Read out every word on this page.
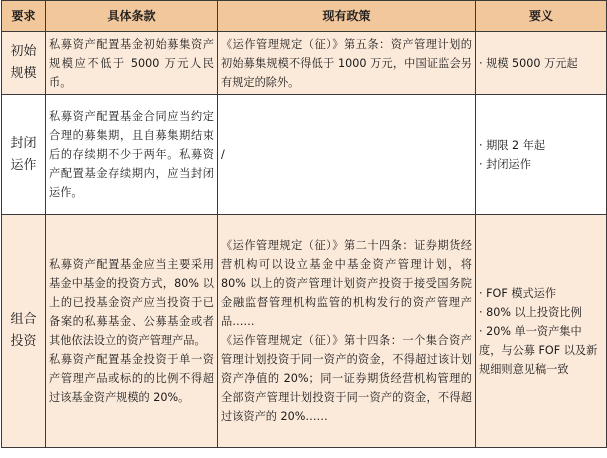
要求	具体条款	现有政策	要义
初始规模	私募资产配置基金初始募集资产规模应不低于 5000 万元人民币。	《运作管理规定（征）》第五条：资产管理计划的初始募集规模不得低于 1000 万元，中国证监会另有规定的除外。	· 规模 5000 万元起

封闭运作	私募资产配置基金合同应当约定合理的募集期，且自募集期结束后的存续期不少于两年。私募资产配置基金存续期内，应当封闭运作。	/	· 期限 2 年起
· 封闭运作

组合投资	私募资产配置基金应当主要采用基金中基金的投资方式，80% 以上的已投基金资产应当投资于已备案的私募基金、公募基金或者其他依法设立的资产管理产品。
私募资产配置基金投资于单一资产管理产品或标的的比例不得超过该基金资产规模的 20%。	《运作管理规定（征）》第二十四条：证券期货经营机构可以设立基金中基金资产管理计划，将 80% 以上的资产管理计划资产投资于接受国务院金融监督管理机构监管的机构发行的资产管理产品……
《运作管理规定（征）》第十四条：一个集合资产管理计划投资于同一资产的资金，不得超过该计划资产净值的 20%；同一证券期货经营机构管理的全部资产管理计划投资于同一资产的资金，不得超过该资产的 20%……	· FOF 模式运作
· 80% 以上投资比例
· 20% 单一资产集中度，与公募 FOF 以及新规细则意见稿一致
